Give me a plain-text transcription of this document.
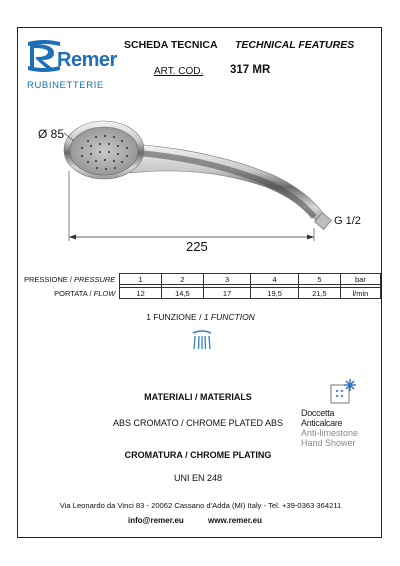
Remer
RUBINETTERIE
SCHEDA TECNICA TECHNICAL FEATURES
ART. COD. 317 MR
Ø 85
G 1/2
225
PRESSIONE / PRESSURE	1	2	3	4	5	bar

PORTATA / FLOW	12	14,5	17	19,5	21,5	l/min
1 FUNZIONE / 1 FUNCTION
MATERIALI / MATERIALS
ABS CROMATO / CHROME PLATED ABS
CROMATURA / CHROME PLATING
UNI EN 248
Doccetta
Anticalcare
Anti-limestone
Hand Shower
Via Leonardo da Vinci 83 - 20062 Cassano d'Adda (MI) Italy - Tel. +39-0363 364211
info@remer.eu	www.remer.eu
